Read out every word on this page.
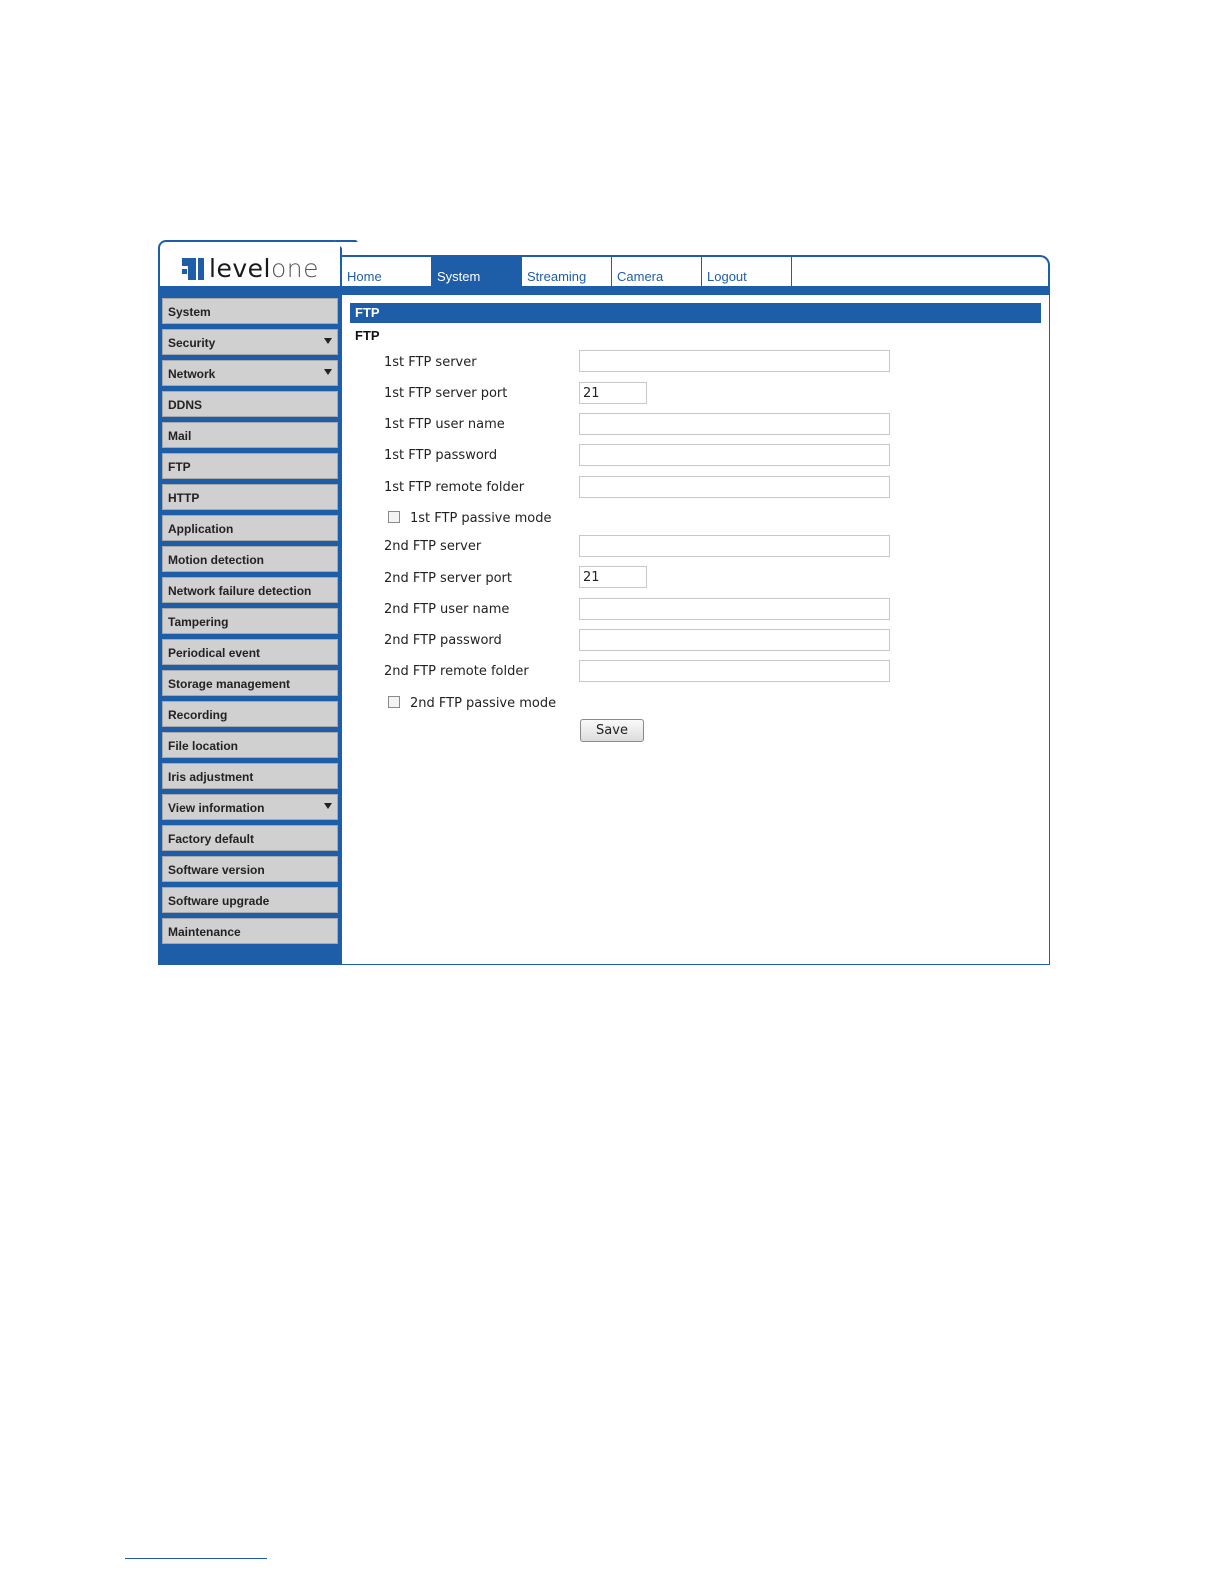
levelone	Home	System	Streaming	Camera	Logout
System
Security
Network
DDNS
Mail
FTP
HTTP
Application
Motion detection
Network failure detection
Tampering
Periodical event
Storage management
Recording
File location
Iris adjustment
View information
Factory default
Software version
Software upgrade
Maintenance
FTP
FTP
1st FTP server
1st FTP server port
21
1st FTP user name
1st FTP password
1st FTP remote folder
1st FTP passive mode
2nd FTP server
2nd FTP server port
21
2nd FTP user name
2nd FTP password
2nd FTP remote folder
2nd FTP passive mode
Save
